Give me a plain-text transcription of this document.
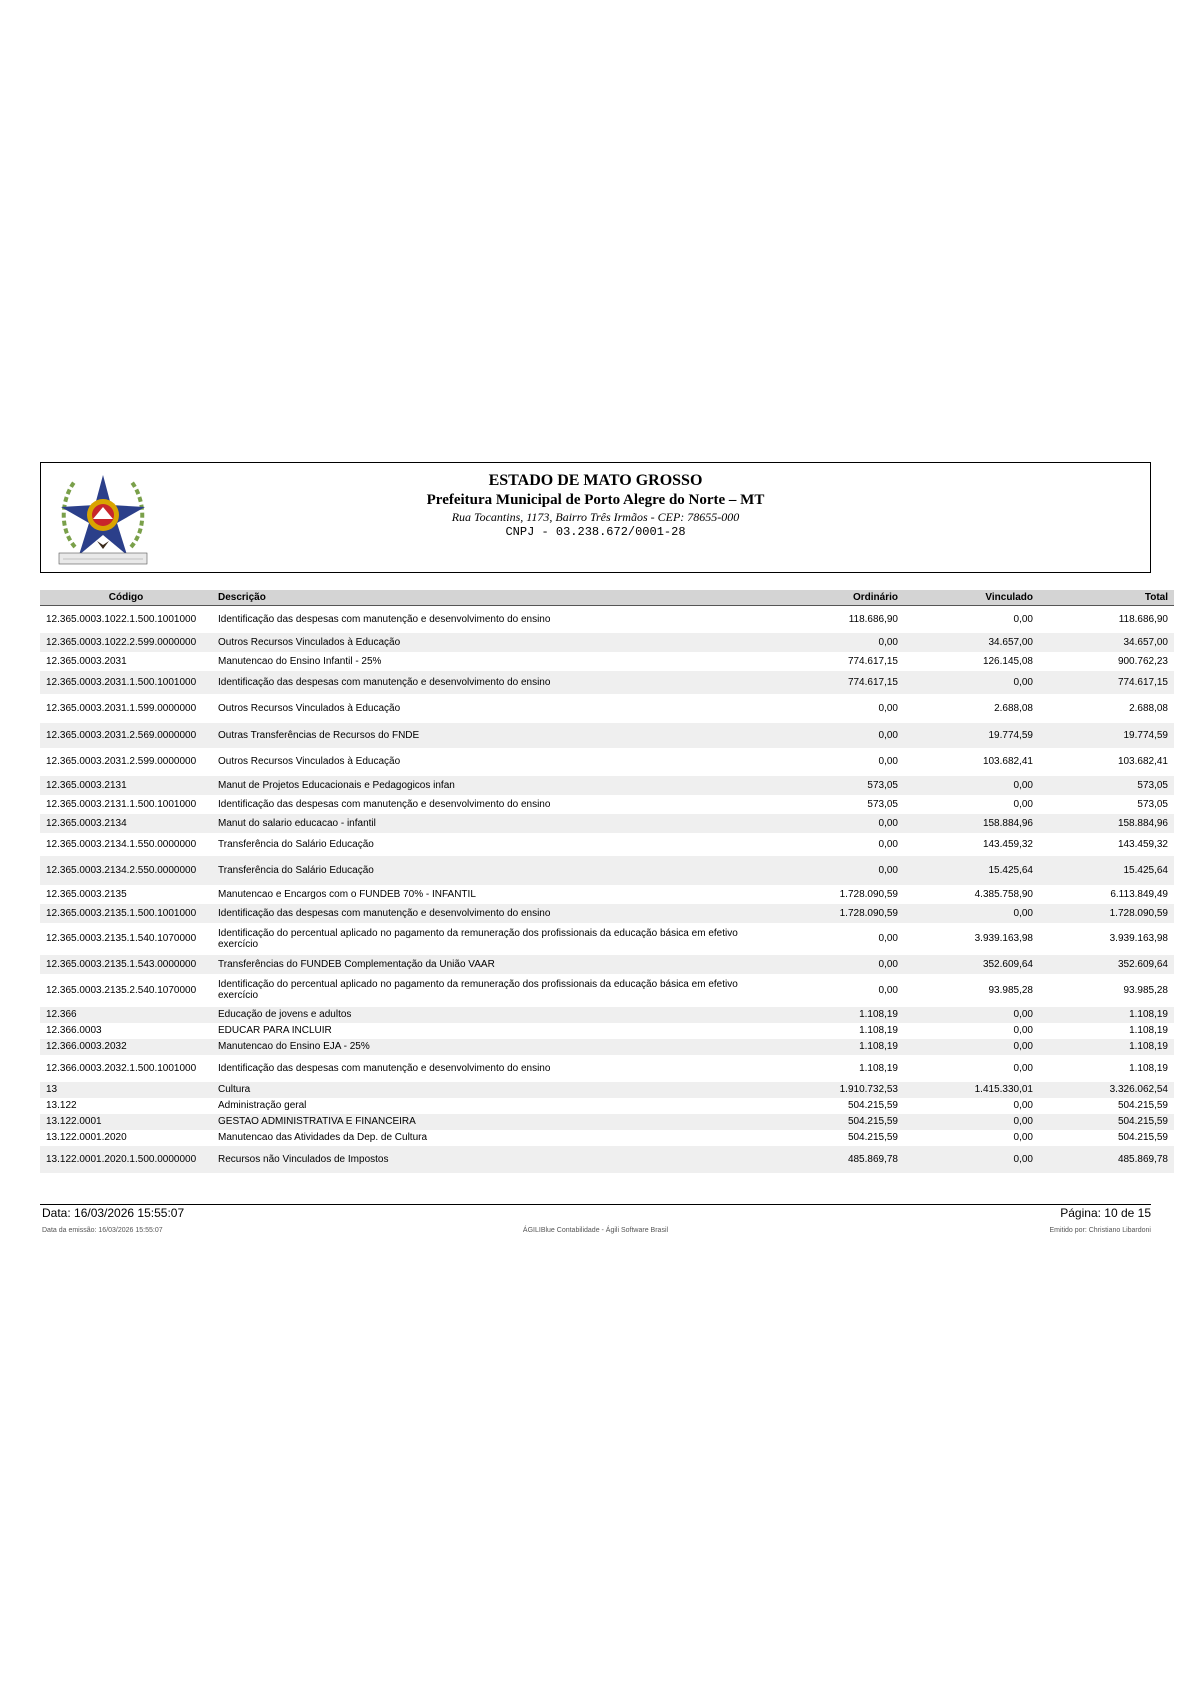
ESTADO DE MATO GROSSO
Prefeitura Municipal de Porto Alegre do Norte – MT
Rua Tocantins, 1173, Bairro Três Irmãos - CEP: 78655-000
CNPJ - 03.238.672/0001-28
Código	Descrição	Ordinário	Vinculado	Total
12.365.0003.1022.1.500.1001000	Identificação das despesas com manutenção e desenvolvimento do ensino	118.686,90	0,00	118.686,90
12.365.0003.1022.2.599.0000000	Outros Recursos Vinculados à Educação	0,00	34.657,00	34.657,00
12.365.0003.2031	Manutencao do Ensino Infantil - 25%	774.617,15	126.145,08	900.762,23
12.365.0003.2031.1.500.1001000	Identificação das despesas com manutenção e desenvolvimento do ensino	774.617,15	0,00	774.617,15
12.365.0003.2031.1.599.0000000	Outros Recursos Vinculados à Educação	0,00	2.688,08	2.688,08
12.365.0003.2031.2.569.0000000	Outras Transferências de Recursos do FNDE	0,00	19.774,59	19.774,59
12.365.0003.2031.2.599.0000000	Outros Recursos Vinculados à Educação	0,00	103.682,41	103.682,41
12.365.0003.2131	Manut de Projetos Educacionais e Pedagogicos infan	573,05	0,00	573,05
12.365.0003.2131.1.500.1001000	Identificação das despesas com manutenção e desenvolvimento do ensino	573,05	0,00	573,05
12.365.0003.2134	Manut do salario educacao - infantil	0,00	158.884,96	158.884,96
12.365.0003.2134.1.550.0000000	Transferência do Salário Educação	0,00	143.459,32	143.459,32
12.365.0003.2134.2.550.0000000	Transferência do Salário Educação	0,00	15.425,64	15.425,64
12.365.0003.2135	Manutencao e Encargos com o FUNDEB 70% - INFANTIL	1.728.090,59	4.385.758,90	6.113.849,49
12.365.0003.2135.1.500.1001000	Identificação das despesas com manutenção e desenvolvimento do ensino	1.728.090,59	0,00	1.728.090,59
12.365.0003.2135.1.540.1070000	Identificação do percentual aplicado no pagamento da remuneração dos profissionais da educação básica em efetivo exercício	0,00	3.939.163,98	3.939.163,98
12.365.0003.2135.1.543.0000000	Transferências do FUNDEB Complementação da União VAAR	0,00	352.609,64	352.609,64
12.365.0003.2135.2.540.1070000	Identificação do percentual aplicado no pagamento da remuneração dos profissionais da educação básica em efetivo exercício	0,00	93.985,28	93.985,28
12.366	Educação de jovens e adultos	1.108,19	0,00	1.108,19
12.366.0003	EDUCAR PARA INCLUIR	1.108,19	0,00	1.108,19
12.366.0003.2032	Manutencao do Ensino EJA - 25%	1.108,19	0,00	1.108,19
12.366.0003.2032.1.500.1001000	Identificação das despesas com manutenção e desenvolvimento do ensino	1.108,19	0,00	1.108,19
13	Cultura	1.910.732,53	1.415.330,01	3.326.062,54
13.122	Administração geral	504.215,59	0,00	504.215,59
13.122.0001	GESTAO ADMINISTRATIVA E FINANCEIRA	504.215,59	0,00	504.215,59
13.122.0001.2020	Manutencao das Atividades da Dep. de Cultura	504.215,59	0,00	504.215,59
13.122.0001.2020.1.500.0000000	Recursos não Vinculados de Impostos	485.869,78	0,00	485.869,78
Data: 16/03/2026 15:55:07	Página: 10 de 15
Data da emissão: 16/03/2026 15:55:07	ÁGILIBlue Contabilidade - Ágili Software Brasil	Emitido por: Christiano Libardoni
